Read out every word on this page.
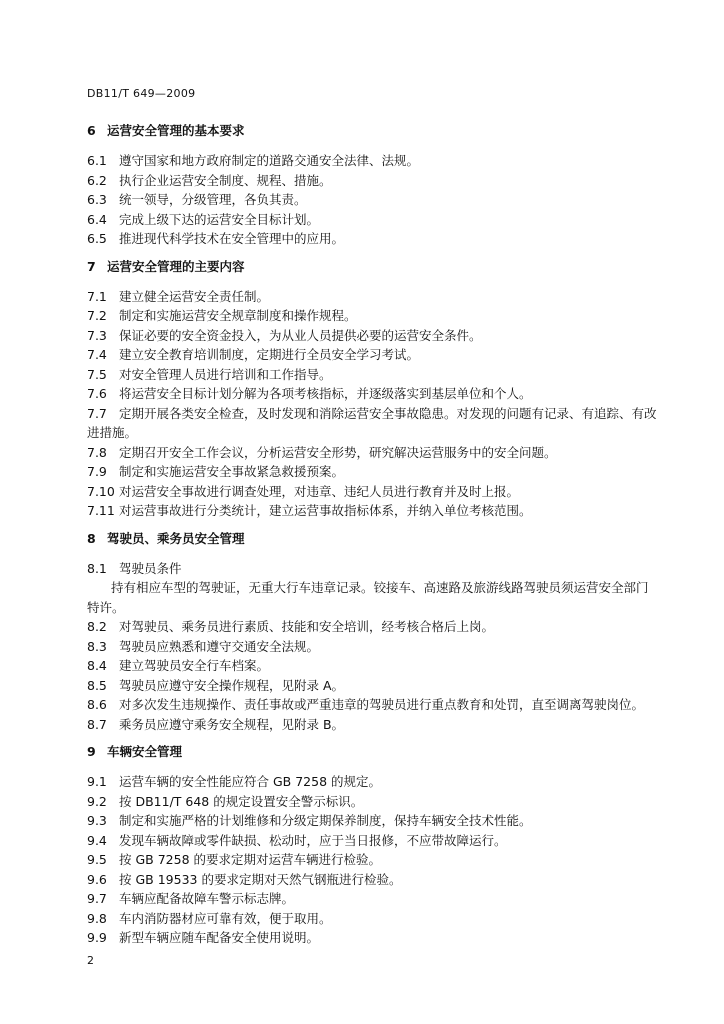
DB11/T 649—2009
6 运营安全管理的基本要求
6.1 遵守国家和地方政府制定的道路交通安全法律、法规。
6.2 执行企业运营安全制度、规程、措施。
6.3 统一领导，分级管理，各负其责。
6.4 完成上级下达的运营安全目标计划。
6.5 推进现代科学技术在安全管理中的应用。
7 运营安全管理的主要内容
7.1 建立健全运营安全责任制。
7.2 制定和实施运营安全规章制度和操作规程。
7.3 保证必要的安全资金投入，为从业人员提供必要的运营安全条件。
7.4 建立安全教育培训制度，定期进行全员安全学习考试。
7.5 对安全管理人员进行培训和工作指导。
7.6 将运营安全目标计划分解为各项考核指标，并逐级落实到基层单位和个人。
7.7 定期开展各类安全检查，及时发现和消除运营安全事故隐患。对发现的问题有记录、有追踪、有改进措施。
7.8 定期召开安全工作会议，分析运营安全形势，研究解决运营服务中的安全问题。
7.9 制定和实施运营安全事故紧急救援预案。
7.10 对运营安全事故进行调查处理，对违章、违纪人员进行教育并及时上报。
7.11 对运营事故进行分类统计，建立运营事故指标体系，并纳入单位考核范围。
8 驾驶员、乘务员安全管理
8.1 驾驶员条件
持有相应车型的驾驶证，无重大行车违章记录。铰接车、高速路及旅游线路驾驶员须运营安全部门特许。
8.2 对驾驶员、乘务员进行素质、技能和安全培训，经考核合格后上岗。
8.3 驾驶员应熟悉和遵守交通安全法规。
8.4 建立驾驶员安全行车档案。
8.5 驾驶员应遵守安全操作规程，见附录 A。
8.6 对多次发生违规操作、责任事故或严重违章的驾驶员进行重点教育和处罚，直至调离驾驶岗位。
8.7 乘务员应遵守乘务安全规程，见附录 B。
9 车辆安全管理
9.1 运营车辆的安全性能应符合 GB 7258 的规定。
9.2 按 DB11/T 648 的规定设置安全警示标识。
9.3 制定和实施严格的计划维修和分级定期保养制度，保持车辆安全技术性能。
9.4 发现车辆故障或零件缺损、松动时，应于当日报修，不应带故障运行。
9.5 按 GB 7258 的要求定期对运营车辆进行检验。
9.6 按 GB 19533 的要求定期对天然气钢瓶进行检验。
9.7 车辆应配备故障车警示标志牌。
9.8 车内消防器材应可靠有效，便于取用。
9.9 新型车辆应随车配备安全使用说明。
2
